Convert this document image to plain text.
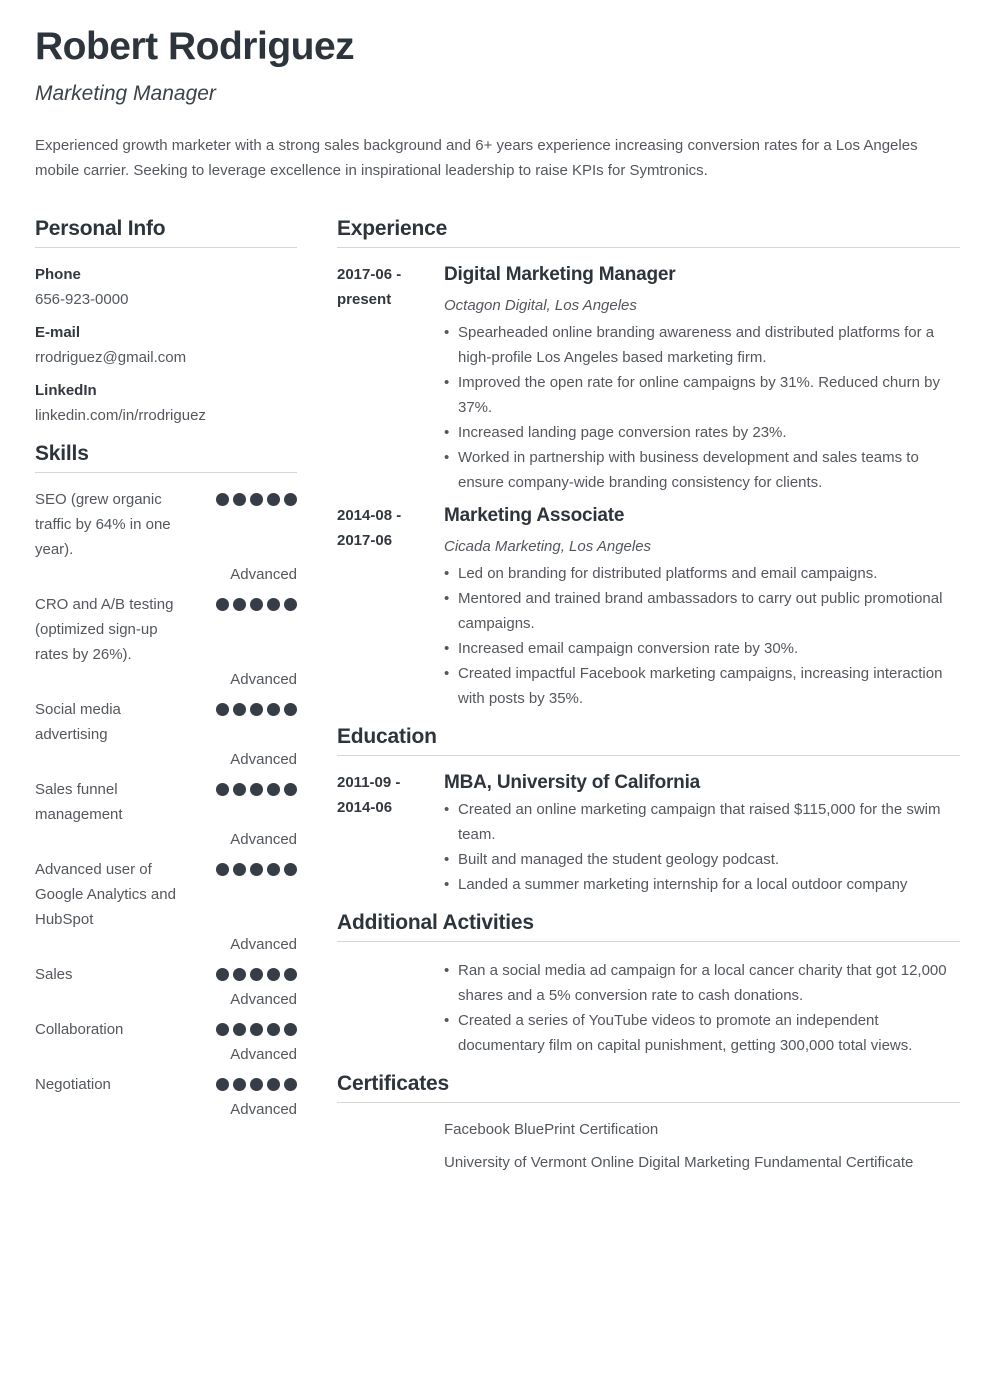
Robert Rodriguez
Marketing Manager

Experienced growth marketer with a strong sales background and 6+ years experience increasing conversion rates for a Los Angeles mobile carrier. Seeking to leverage excellence in inspirational leadership to raise KPIs for Symtronics.

Personal Info
Phone
656-923-0000
E-mail
rrodriguez@gmail.com
LinkedIn
linkedin.com/in/rrodriguez
Skills
SEO (grew organic traffic by 64% in one year).
Advanced
CRO and A/B testing (optimized sign-up rates by 26%).
Advanced
Social media advertising
Advanced
Sales funnel management
Advanced
Advanced user of Google Analytics and HubSpot
Advanced
Sales
Advanced
Collaboration
Advanced
Negotiation
Advanced
Experience
2017-06 -
present
Digital Marketing Manager
Octagon Digital, Los Angeles
• Spearheaded online branding awareness and distributed platforms for a high-profile Los Angeles based marketing firm.
• Improved the open rate for online campaigns by 31%. Reduced churn by 37%.
• Increased landing page conversion rates by 23%.
• Worked in partnership with business development and sales teams to ensure company-wide branding consistency for clients.
2014-08 -
2017-06
Marketing Associate
Cicada Marketing, Los Angeles
• Led on branding for distributed platforms and email campaigns.
• Mentored and trained brand ambassadors to carry out public promotional campaigns.
• Increased email campaign conversion rate by 30%.
• Created impactful Facebook marketing campaigns, increasing interaction with posts by 35%.
Education
2011-09 -
2014-06
MBA, University of California
• Created an online marketing campaign that raised $115,000 for the swim team.
• Built and managed the student geology podcast.
• Landed a summer marketing internship for a local outdoor company
Additional Activities
• Ran a social media ad campaign for a local cancer charity that got 12,000 shares and a 5% conversion rate to cash donations.
• Created a series of YouTube videos to promote an independent documentary film on capital punishment, getting 300,000 total views.
Certificates
Facebook BluePrint Certification
University of Vermont Online Digital Marketing Fundamental Certificate
